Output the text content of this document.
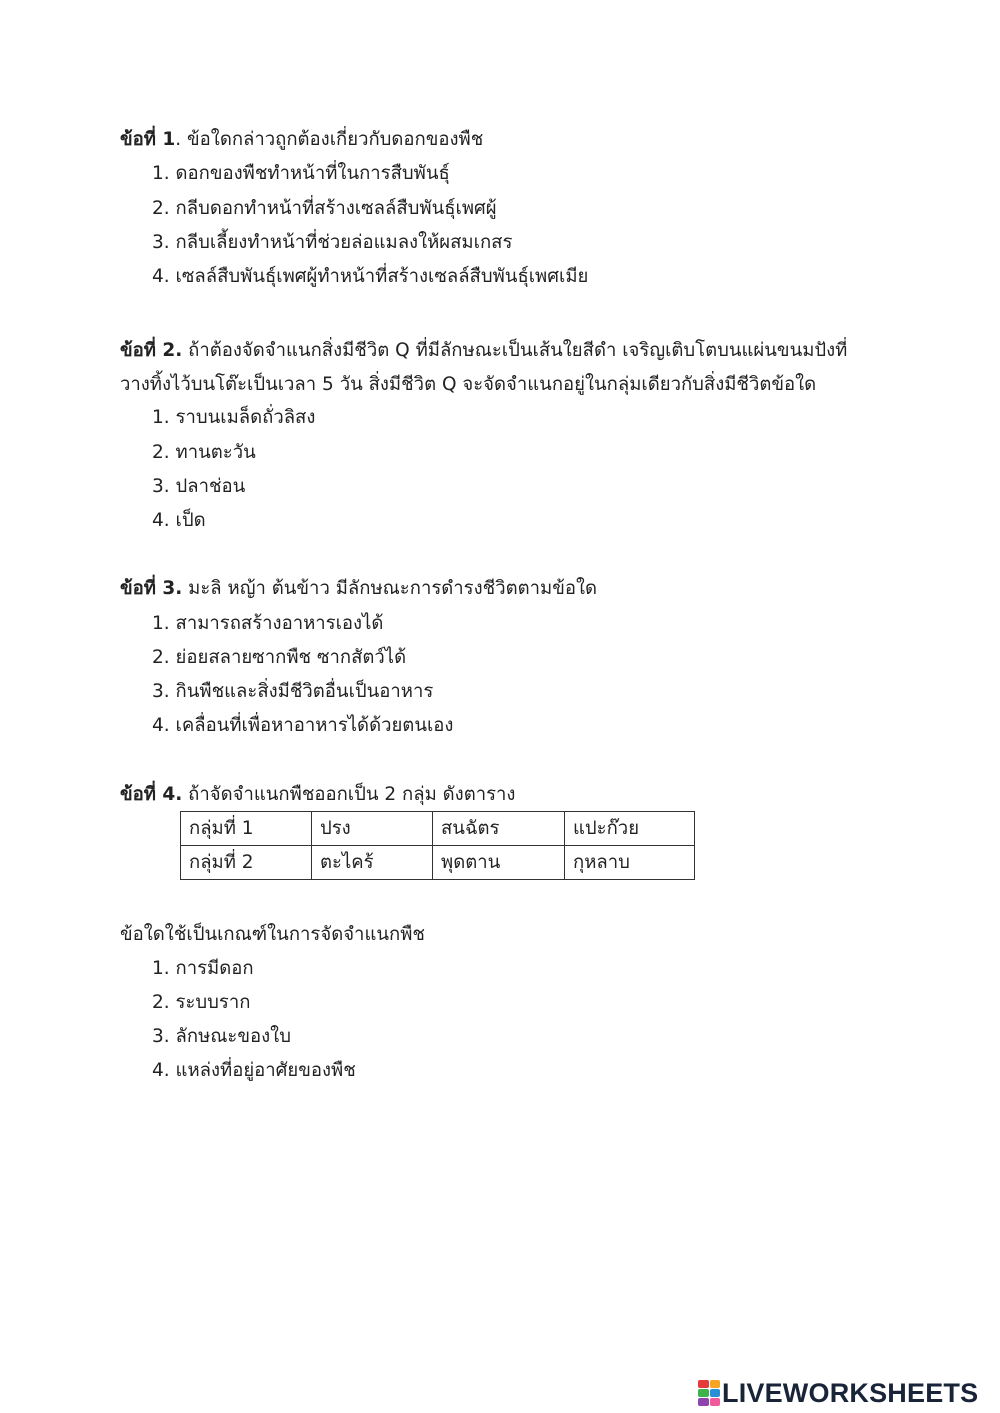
ข้อที่ 1. ข้อใดกล่าวถูกต้องเกี่ยวกับดอกของพืช
1. ดอกของพืชทำหน้าที่ในการสืบพันธุ์
2. กลีบดอกทำหน้าที่สร้างเซลล์สืบพันธุ์เพศผู้
3. กลีบเลี้ยงทำหน้าที่ช่วยล่อแมลงให้ผสมเกสร
4. เซลล์สืบพันธุ์เพศผู้ทำหน้าที่สร้างเซลล์สืบพันธุ์เพศเมีย
ข้อที่ 2. ถ้าต้องจัดจำแนกสิ่งมีชีวิต Q ที่มีลักษณะเป็นเส้นใยสีดำ เจริญเติบโตบนแผ่นขนมปังที่
วางทิ้งไว้บนโต๊ะเป็นเวลา 5 วัน สิ่งมีชีวิต Q จะจัดจำแนกอยู่ในกลุ่มเดียวกับสิ่งมีชีวิตข้อใด
1. ราบนเมล็ดถั่วลิสง
2. ทานตะวัน
3. ปลาช่อน
4. เป็ด
ข้อที่ 3. มะลิ หญ้า ต้นข้าว มีลักษณะการดำรงชีวิตตามข้อใด
1. สามารถสร้างอาหารเองได้
2. ย่อยสลายซากพืช ซากสัตว์ได้
3. กินพืชและสิ่งมีชีวิตอื่นเป็นอาหาร
4. เคลื่อนที่เพื่อหาอาหารได้ด้วยตนเอง
ข้อที่ 4. ถ้าจัดจำแนกพืชออกเป็น 2 กลุ่ม ดังตาราง
กลุ่มที่ 1	ปรง	สนฉัตร	แปะก๊วย
กลุ่มที่ 2	ตะไคร้	พุดตาน	กุหลาบ
ข้อใดใช้เป็นเกณฑ์ในการจัดจำแนกพืช
1. การมีดอก
2. ระบบราก
3. ลักษณะของใบ
4. แหล่งที่อยู่อาศัยของพืช
LIVEWORKSHEETS
